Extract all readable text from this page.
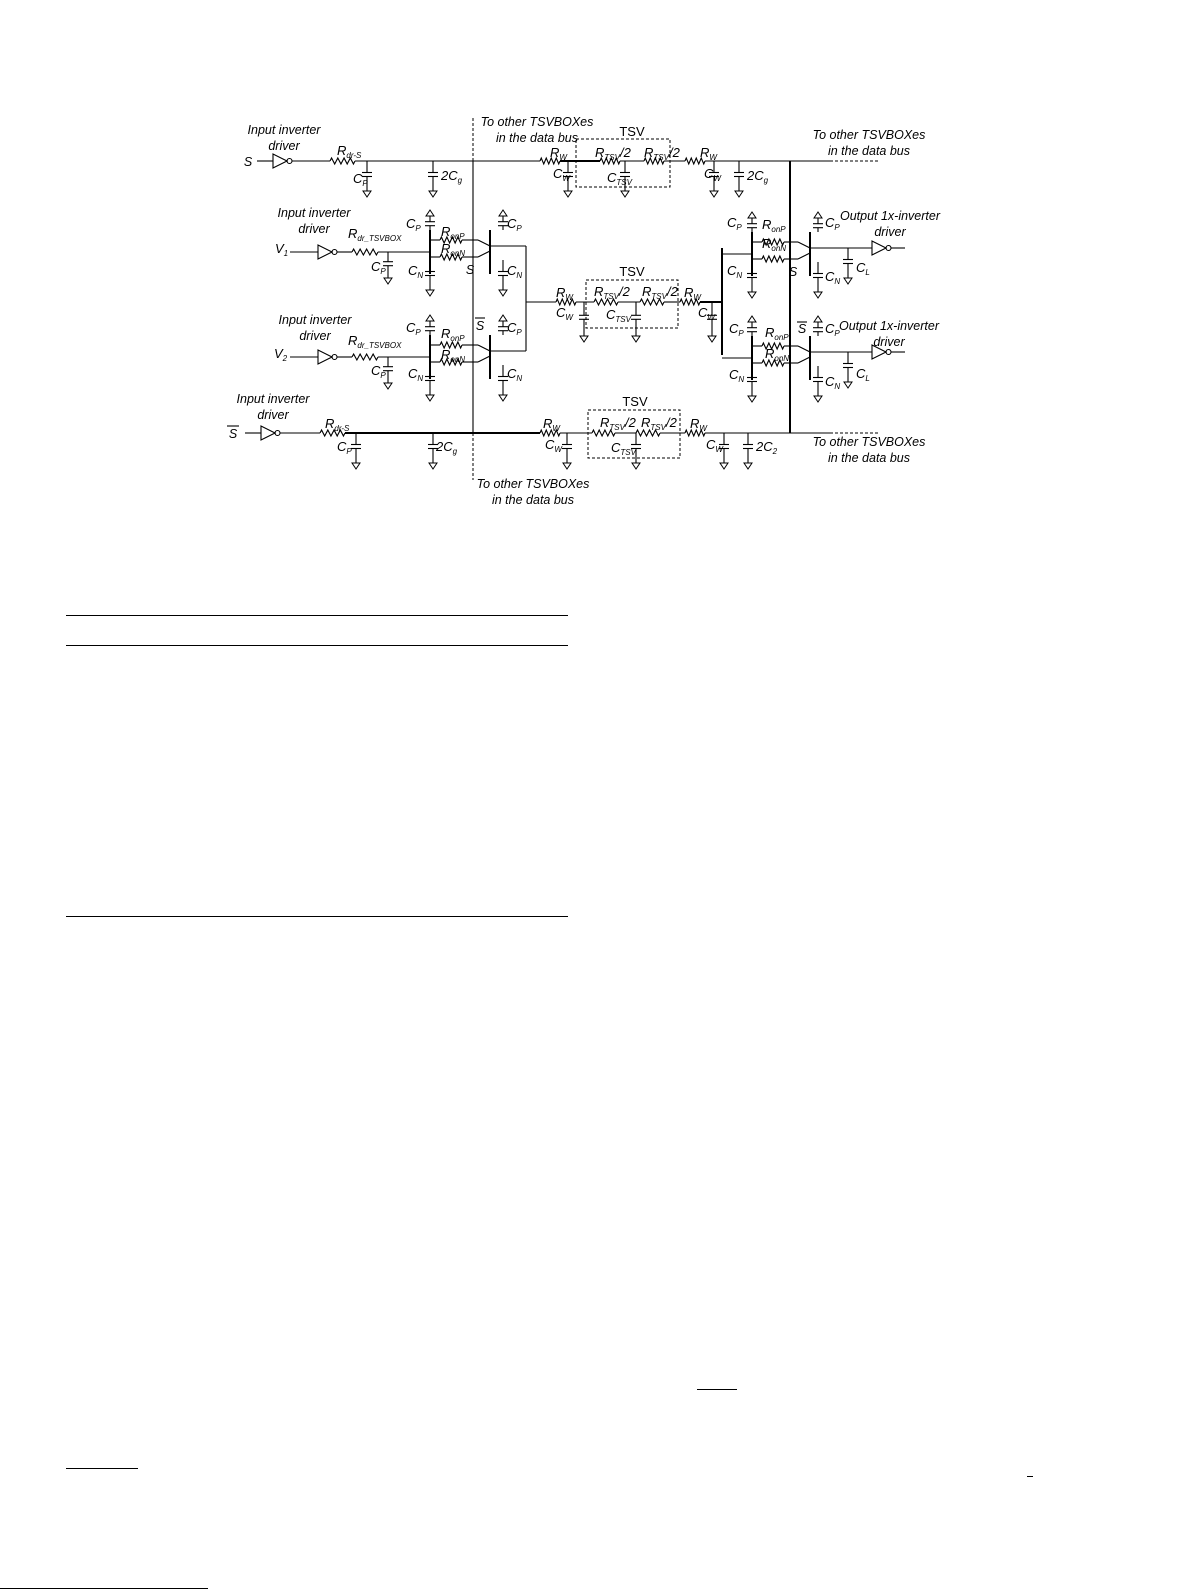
Input inverter
driver
S
Input inverter
driver
Input inverter
driver
Input inverter
driver
S
$V_1$
$V_2$
To other TSVBOXes
in the data bus	To other TSVBOXes
in the data bus
To other TSVBOXes
in the data bus
To other TSVBOXes
in the data bus
TSV
TSV
TSV
Output 1x-inverter
driver
Output 1x-inverter
driver
$R_{dr-S}$
$R_{dr-S}$
$R_{dr\_TSVBOX}$
$R_{dr\_TSVBOX}$
$R_W$	$R_W$
$R_W$	$R_W$
$R_W$	$R_W$
$R_{TSV}/2$ $R_{TSV}/2$
$R_{TSV}/2$ $R_{TSV}/2$
$R_{TSV}/2$ $R_{TSV}/2$
$C_{TSV}$
$C_{TSV}$
$C_{TSV}$
$C_W$	$C_W$
$C_W$	$C_W$
$C_W$	$C_W$
$C_P$
$C_P$
$2C_g$	$2C_g$
$2C_g$	$2C_2$
$C_P$
$C_P$ $C_N$
$R_{onP}$
$R_{onN}$
S
$C_P$
$C_N$
$C_P$
$C_P$ $C_N$
$R_{onP}$
$R_{onN}$
S $C_P$
$C_N$
$C_P$
$C_N$
$R_{onP}$
$R_{onN}$
S
$C_P$
$C_N$
$C_L$
$C_P$
$C_N$
$R_{onP}$
$R_{onN}$
S $C_P$
$C_N$
$C_L$
